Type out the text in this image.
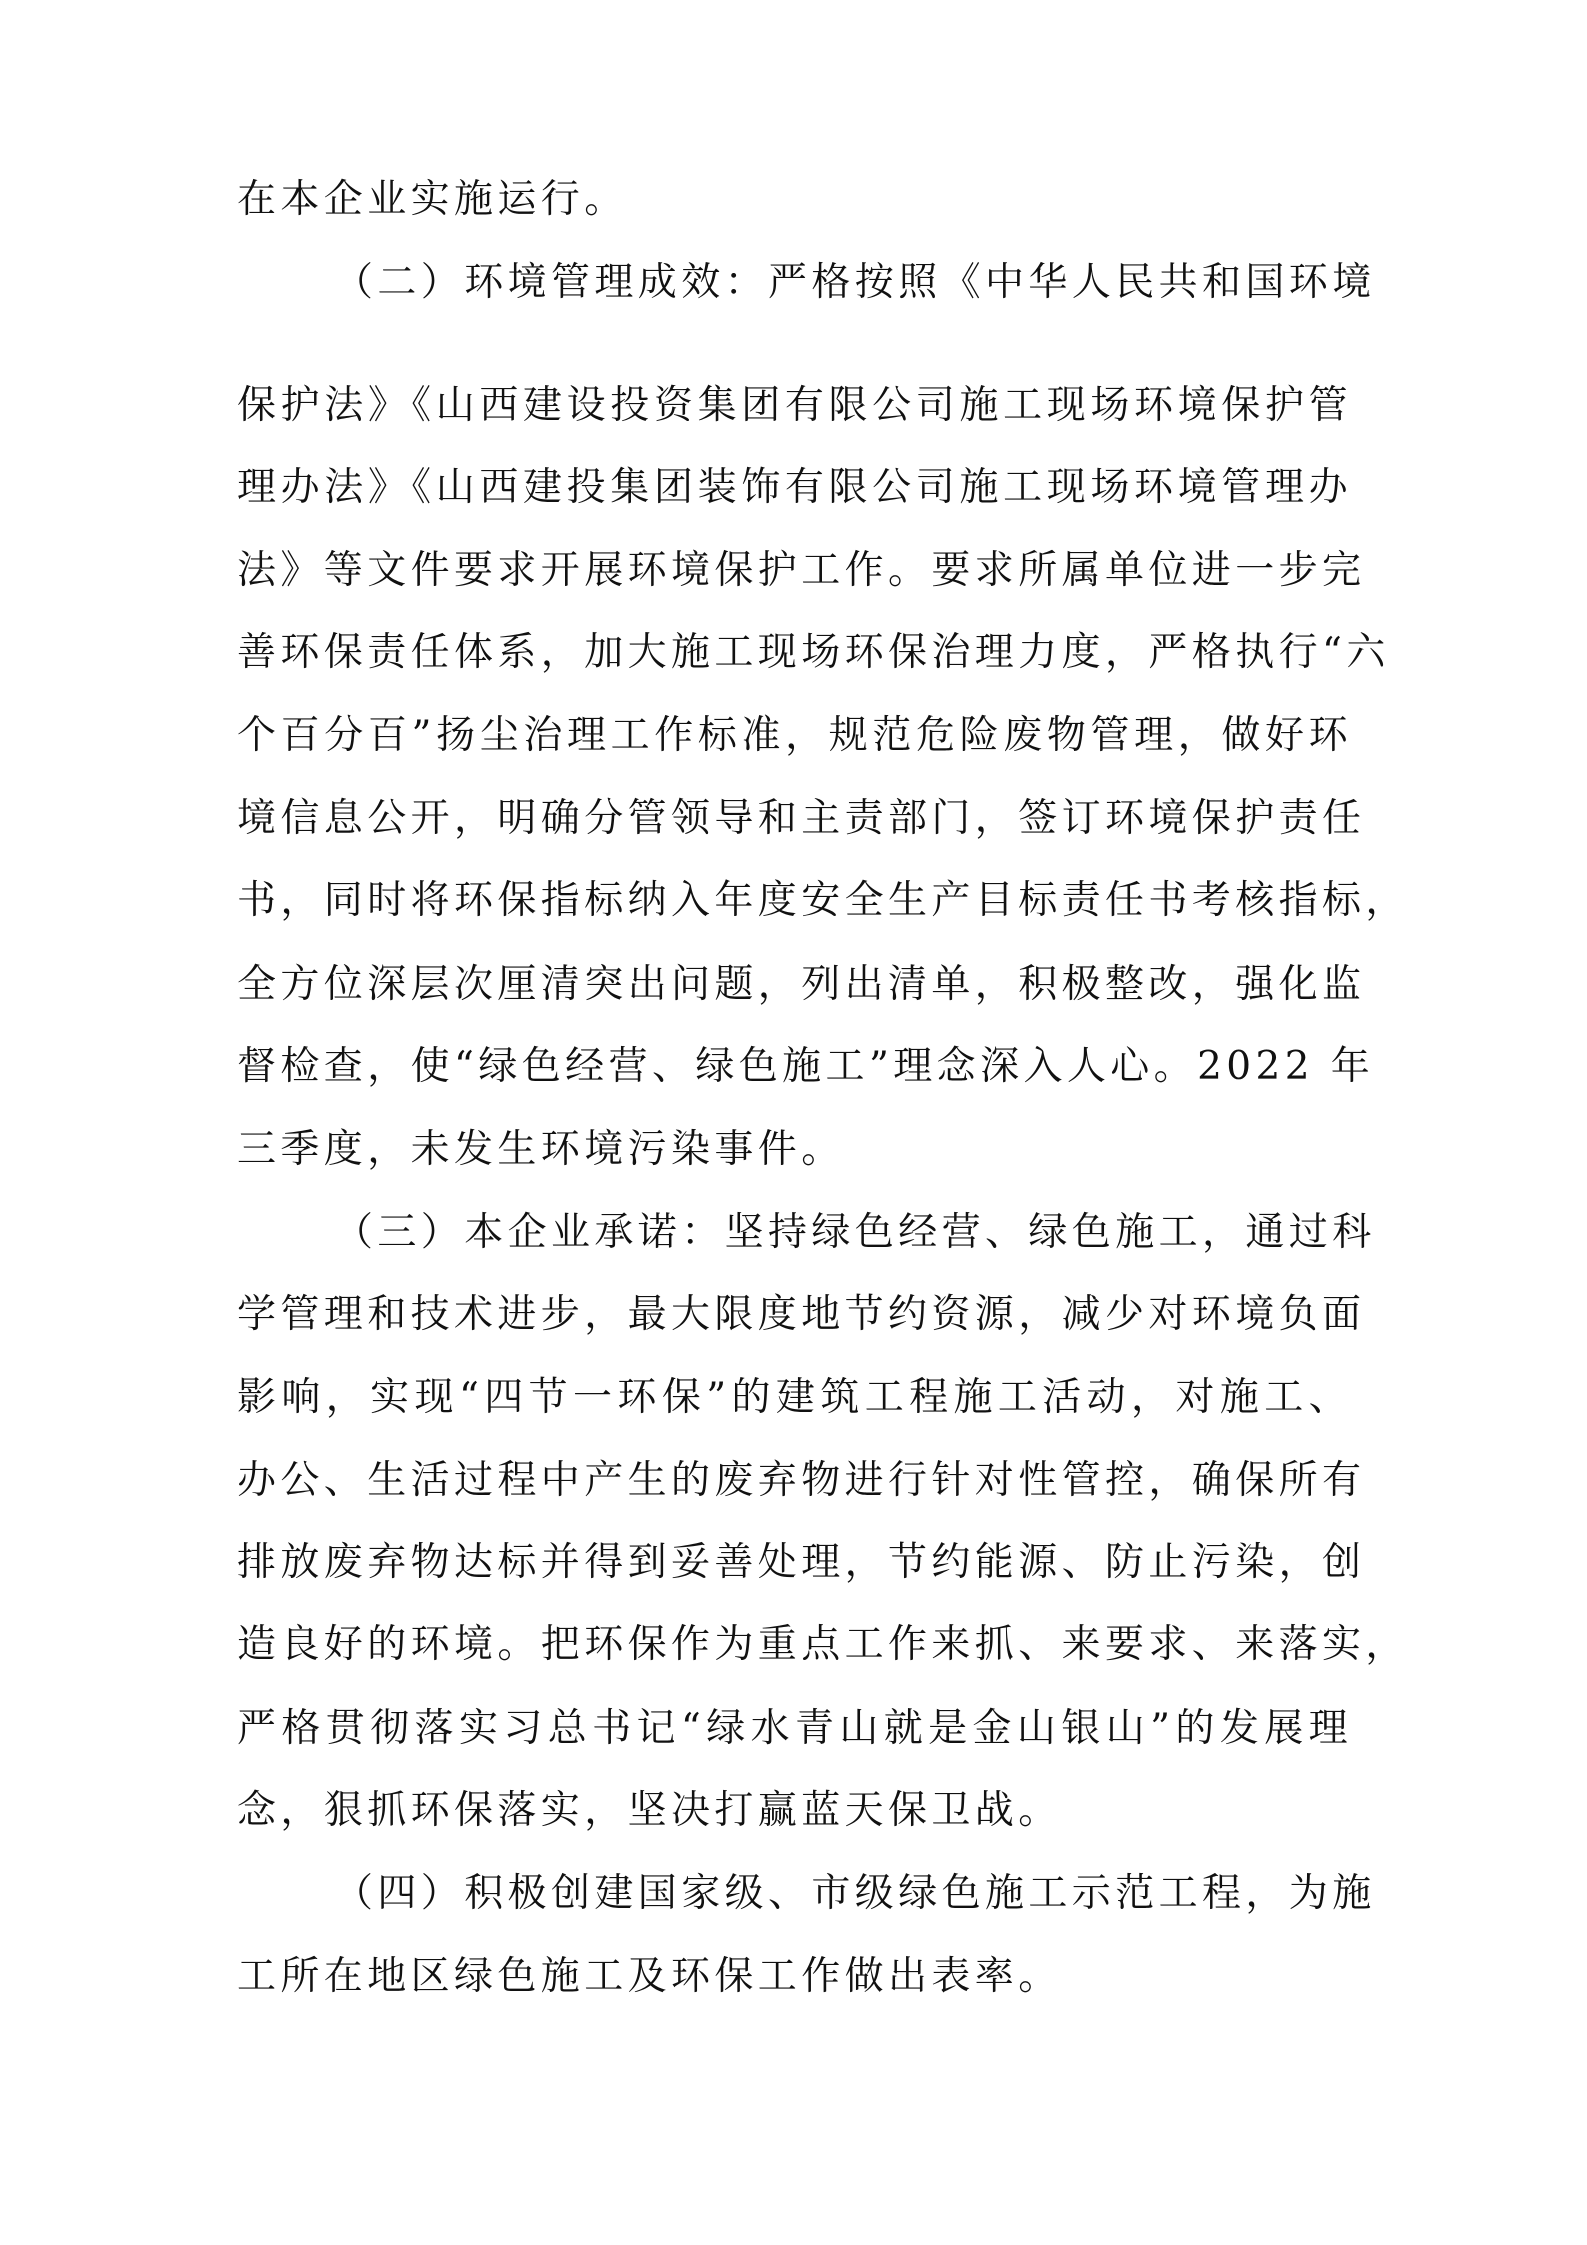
在本企业实施运行。
（二）环境管理成效：严格按照《中华人民共和国环境
保护法》《山西建设投资集团有限公司施工现场环境保护管
理办法》《山西建投集团装饰有限公司施工现场环境管理办
法》等文件要求开展环境保护工作。要求所属单位进一步完
善环保责任体系，加大施工现场环保治理力度，严格执行“六
个百分百”扬尘治理工作标准，规范危险废物管理，做好环
境信息公开，明确分管领导和主责部门，签订环境保护责任
书，同时将环保指标纳入年度安全生产目标责任书考核指标，
全方位深层次厘清突出问题，列出清单，积极整改，强化监
督检查，使“绿色经营、绿色施工”理念深入人心。2022 年
三季度，未发生环境污染事件。
（三）本企业承诺：坚持绿色经营、绿色施工，通过科
学管理和技术进步，最大限度地节约资源，减少对环境负面
影响，实现“四节一环保”的建筑工程施工活动，对施工、
办公、生活过程中产生的废弃物进行针对性管控，确保所有
排放废弃物达标并得到妥善处理，节约能源、防止污染，创
造良好的环境。把环保作为重点工作来抓、来要求、来落实，
严格贯彻落实习总书记“绿水青山就是金山银山”的发展理
念，狠抓环保落实，坚决打赢蓝天保卫战。
（四）积极创建国家级、市级绿色施工示范工程，为施
工所在地区绿色施工及环保工作做出表率。
